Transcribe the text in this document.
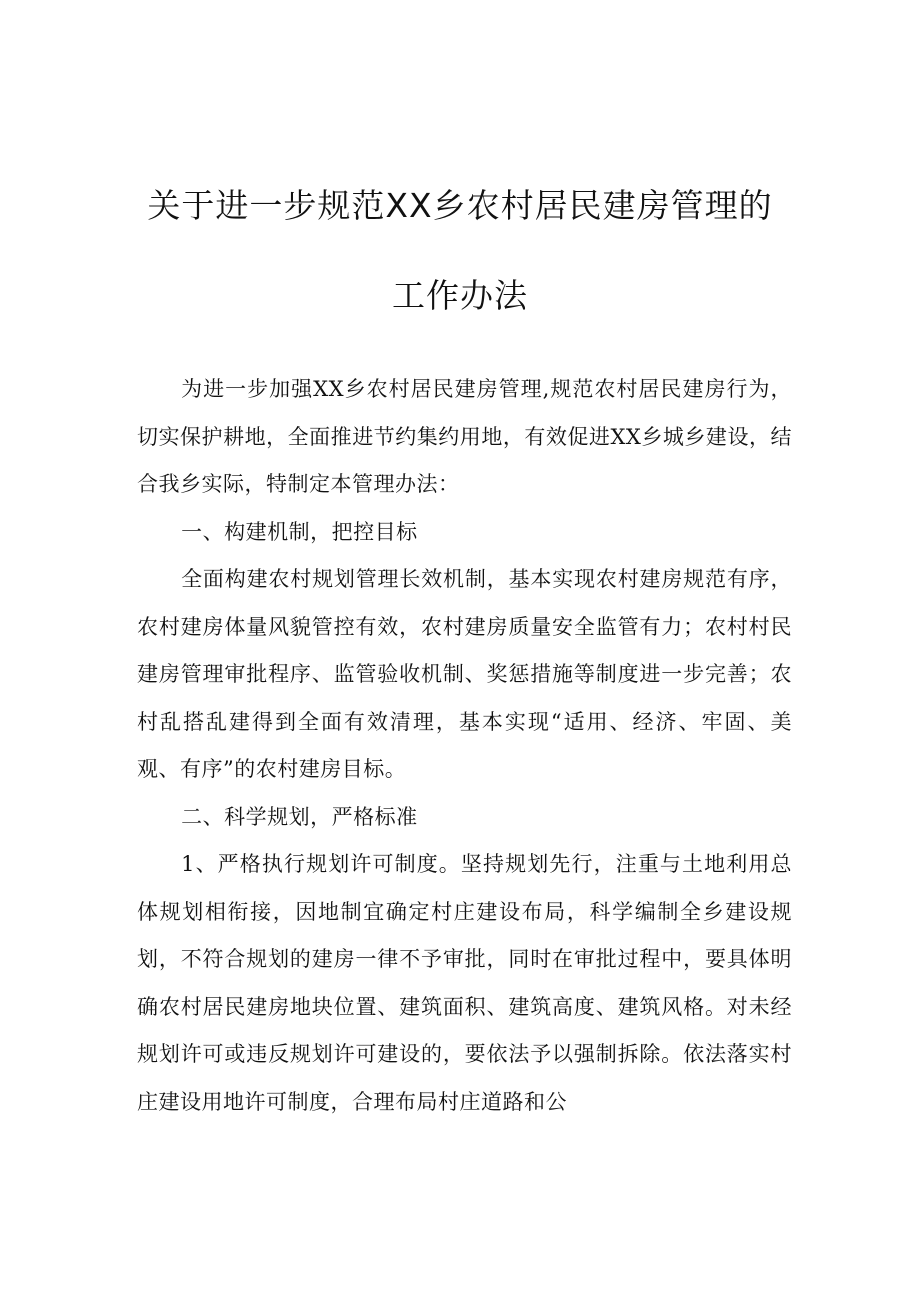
关于进一步规范XX乡农村居民建房管理的
工作办法

为进一步加强XX乡农村居民建房管理,规范农村居民建房行为，切实保护耕地，全面推进节约集约用地，有效促进XX乡城乡建设，结合我乡实际，特制定本管理办法：

一、构建机制，把控目标

全面构建农村规划管理长效机制，基本实现农村建房规范有序，农村建房体量风貌管控有效，农村建房质量安全监管有力；农村村民建房管理审批程序、监管验收机制、奖惩措施等制度进一步完善；农村乱搭乱建得到全面有效清理，基本实现“适用、经济、牢固、美观、有序”的农村建房目标。

二、科学规划，严格标准

1、严格执行规划许可制度。坚持规划先行，注重与土地利用总体规划相衔接，因地制宜确定村庄建设布局，科学编制全乡建设规划，不符合规划的建房一律不予审批，同时在审批过程中，要具体明确农村居民建房地块位置、建筑面积、建筑高度、建筑风格。对未经规划许可或违反规划许可建设的，要依法予以强制拆除。依法落实村庄建设用地许可制度，合理布局村庄道路和公
